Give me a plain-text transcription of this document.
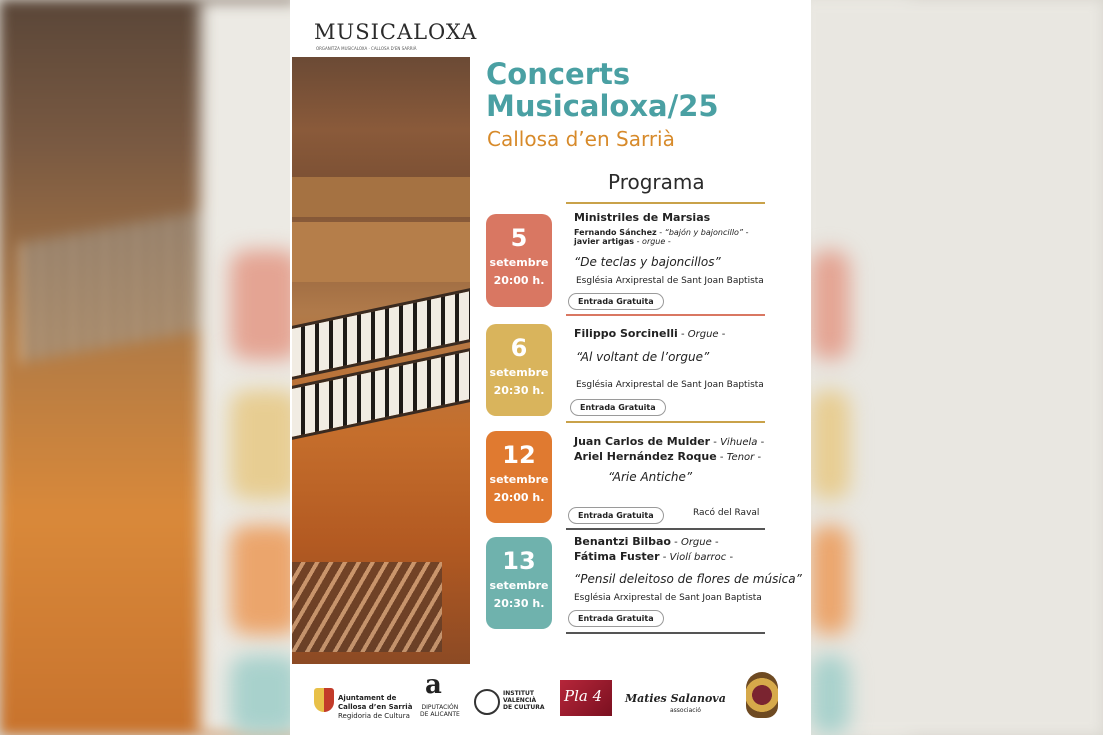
MUSICALOXA
ORGANITZA MUSICALOXA · CALLOSA D'EN SARRIÀ
Concerts
Musicaloxa/25
Callosa d’en Sarrià
Programa
5
setembre
20:00 h.
Ministriles de Marsias
Fernando Sánchez - “bajón y bajoncillo” -
javier artigas - orgue -
“De teclas y bajoncillos”
Església Arxiprestal de Sant Joan Baptista
Entrada Gratuita
6
setembre
20:30 h.
Filippo Sorcinelli - Orgue -
“Al voltant de l’orgue”
Església Arxiprestal de Sant Joan Baptista
Entrada Gratuita
12
setembre
20:00 h.
Juan Carlos de Mulder - Vihuela -
Ariel Hernández Roque - Tenor -
“Arie Antiche”
Entrada Gratuita	Racó del Raval
13
setembre
20:30 h.
Benantzi Bilbao - Orgue -
Fátima Fuster - Violí barroc -
“Pensil deleitoso de flores de música”
Església Arxiprestal de Sant Joan Baptista
Entrada Gratuita
Ajuntament de
Callosa d’en Sarrià
Regidoria de Cultura
a
DIPUTACIÓN
DE ALICANTE
INSTITUT
VALENCIÀ
DE CULTURA
Pla 4	Maties Salanova
associació
